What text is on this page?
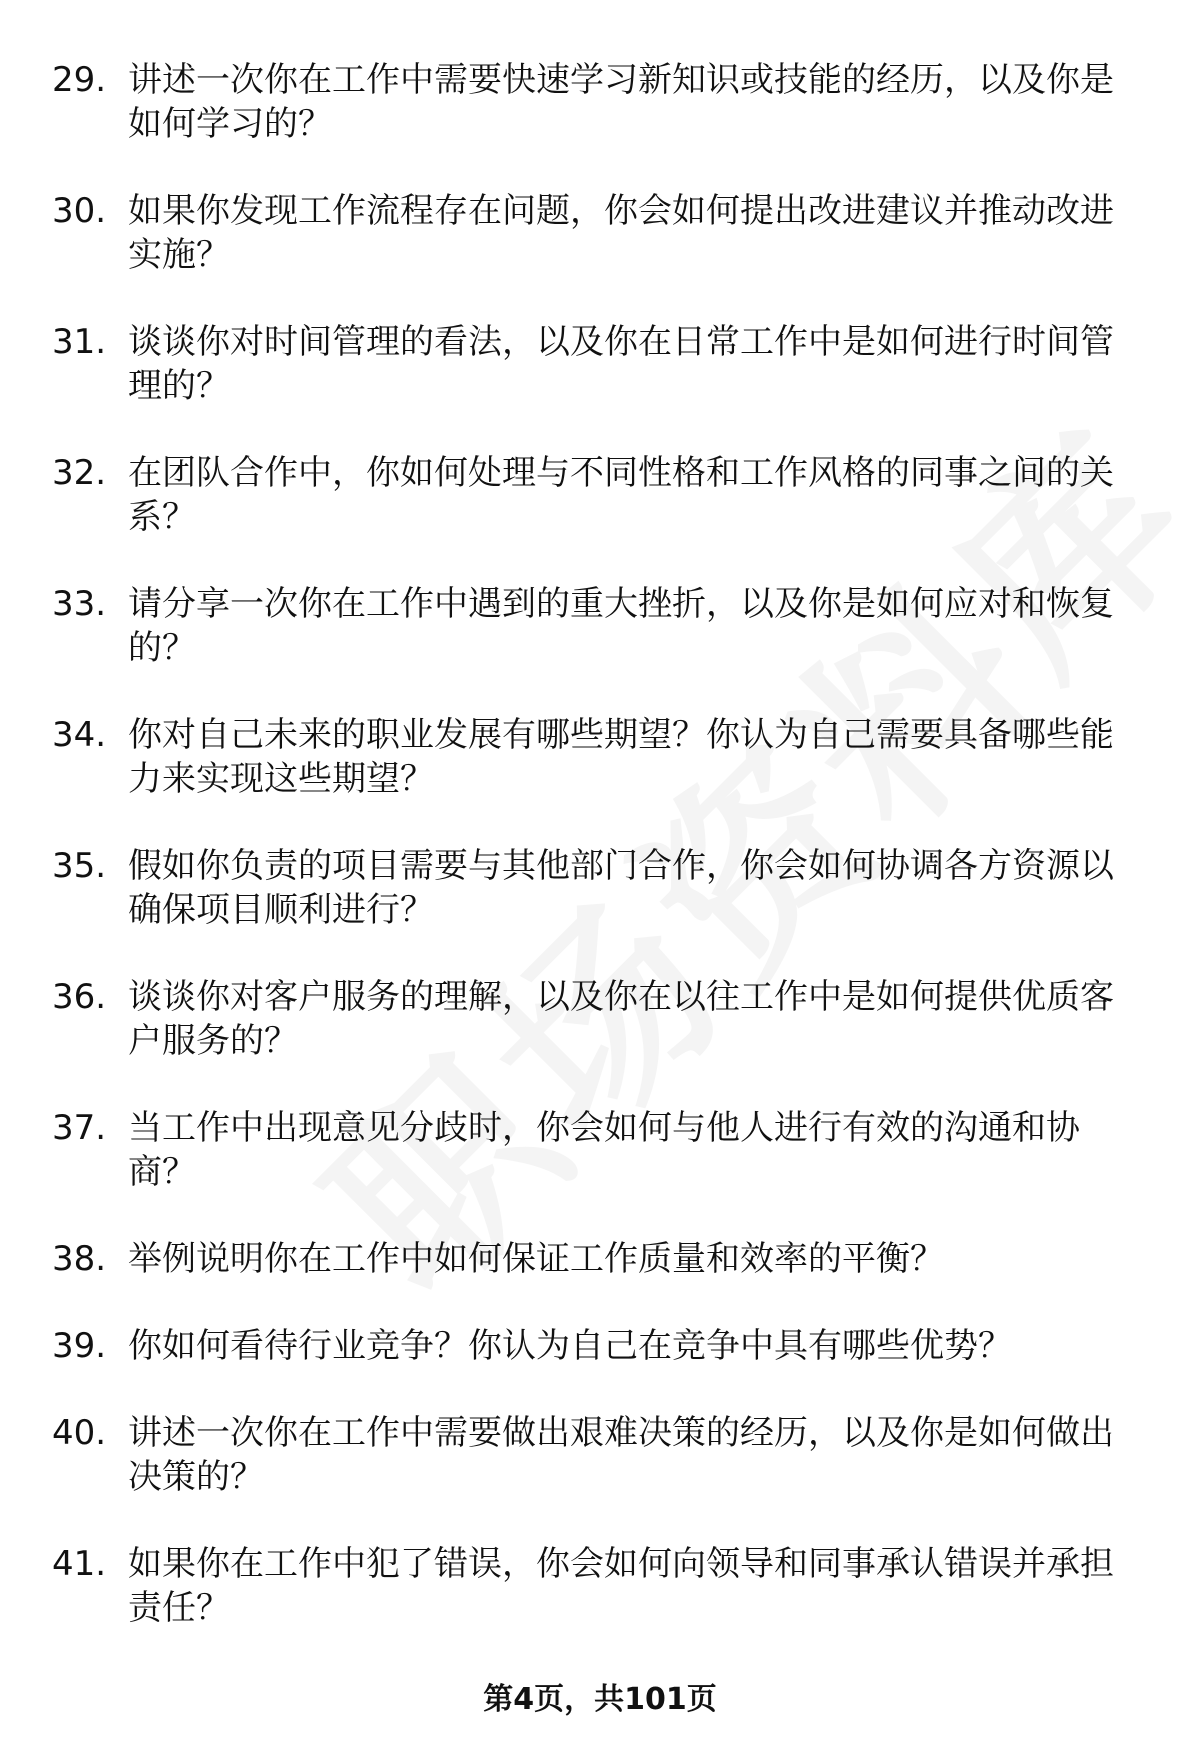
29. 讲述一次你在工作中需要快速学习新知识或技能的经历，以及你是如何学习的？
30. 如果你发现工作流程存在问题，你会如何提出改进建议并推动改进实施？
31. 谈谈你对时间管理的看法，以及你在日常工作中是如何进行时间管理的？
32. 在团队合作中，你如何处理与不同性格和工作风格的同事之间的关系？
33. 请分享一次你在工作中遇到的重大挫折，以及你是如何应对和恢复的？
34. 你对自己未来的职业发展有哪些期望？你认为自己需要具备哪些能力来实现这些期望？
35. 假如你负责的项目需要与其他部门合作，你会如何协调各方资源以确保项目顺利进行？
36. 谈谈你对客户服务的理解，以及你在以往工作中是如何提供优质客户服务的？
37. 当工作中出现意见分歧时，你会如何与他人进行有效的沟通和协商？
38. 举例说明你在工作中如何保证工作质量和效率的平衡？
39. 你如何看待行业竞争？你认为自己在竞争中具有哪些优势？
40. 讲述一次你在工作中需要做出艰难决策的经历，以及你是如何做出决策的？
41. 如果你在工作中犯了错误，你会如何向领导和同事承认错误并承担责任？
第4页，共101页
